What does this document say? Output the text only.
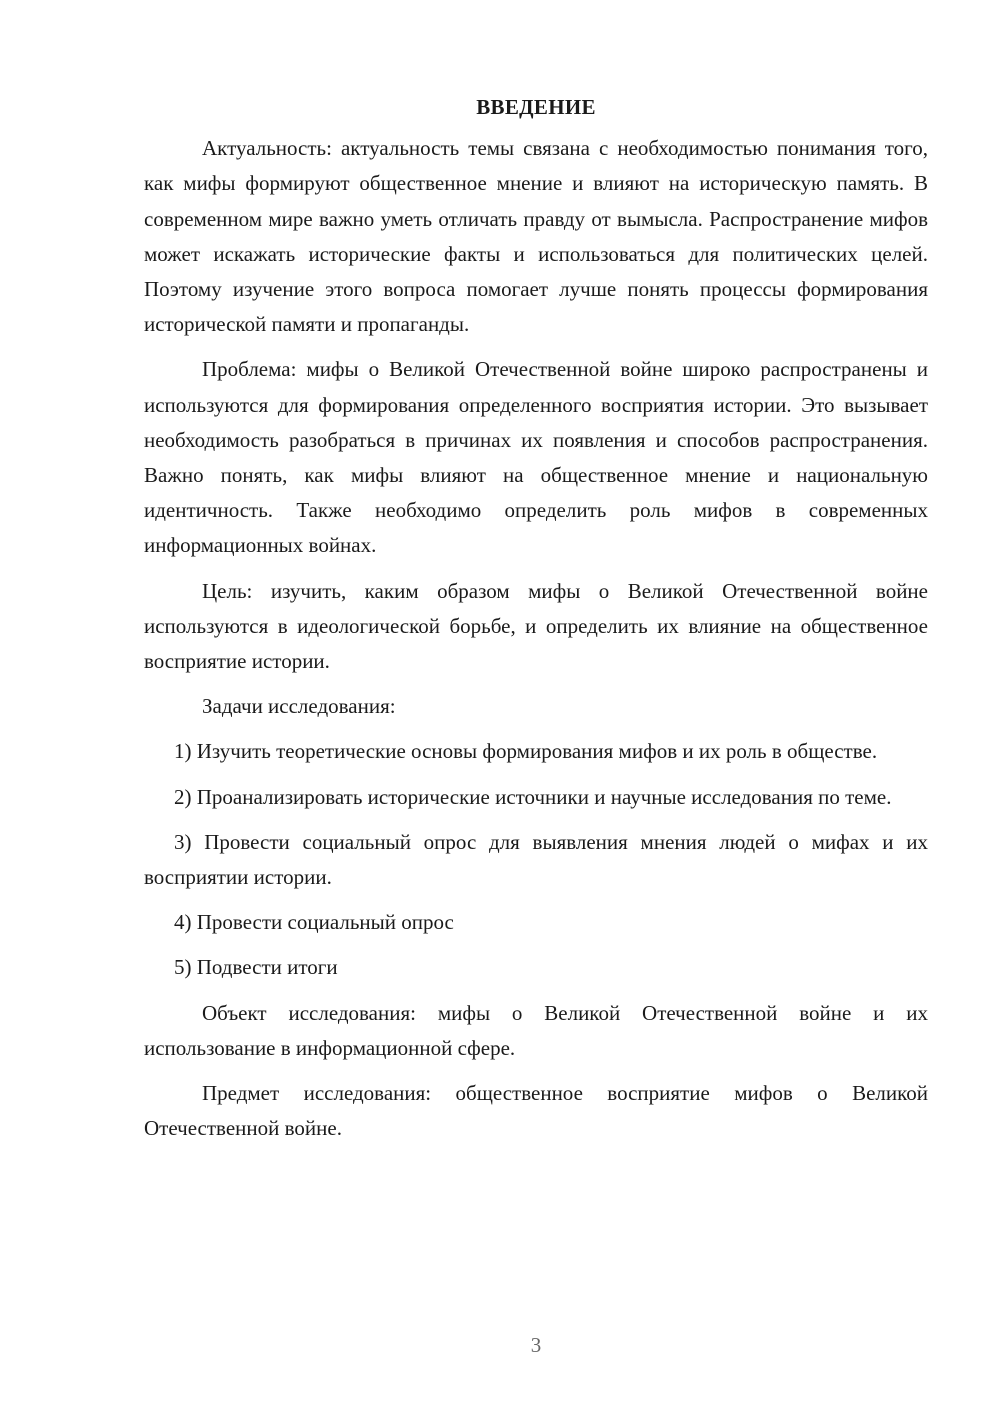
ВВЕДЕНИЕ

Актуальность: актуальность темы связана с необходимостью понимания того, как мифы формируют общественное мнение и влияют на историческую память. В современном мире важно уметь отличать правду от вымысла. Распространение мифов может искажать исторические факты и использоваться для политических целей. Поэтому изучение этого вопроса помогает лучше понять процессы формирования исторической памяти и пропаганды.

Проблема: мифы о Великой Отечественной войне широко распространены и используются для формирования определенного восприятия истории. Это вызывает необходимость разобраться в причинах их появления и способов распространения. Важно понять, как мифы влияют на общественное мнение и национальную идентичность. Также необходимо определить роль мифов в современных информационных войнах.

Цель: изучить, каким образом мифы о Великой Отечественной войне используются в идеологической борьбе, и определить их влияние на общественное восприятие истории.

Задачи исследования:

1) Изучить теоретические основы формирования мифов и их роль в обществе.

2) Проанализировать исторические источники и научные исследования по теме.

3) Провести социальный опрос для выявления мнения людей о мифах и их восприятии истории.

4) Провести социальный опрос

5) Подвести итоги

Объект исследования: мифы о Великой Отечественной войне и их использование в информационной сфере.

Предмет исследования: общественное восприятие мифов о Великой Отечественной войне.

3
